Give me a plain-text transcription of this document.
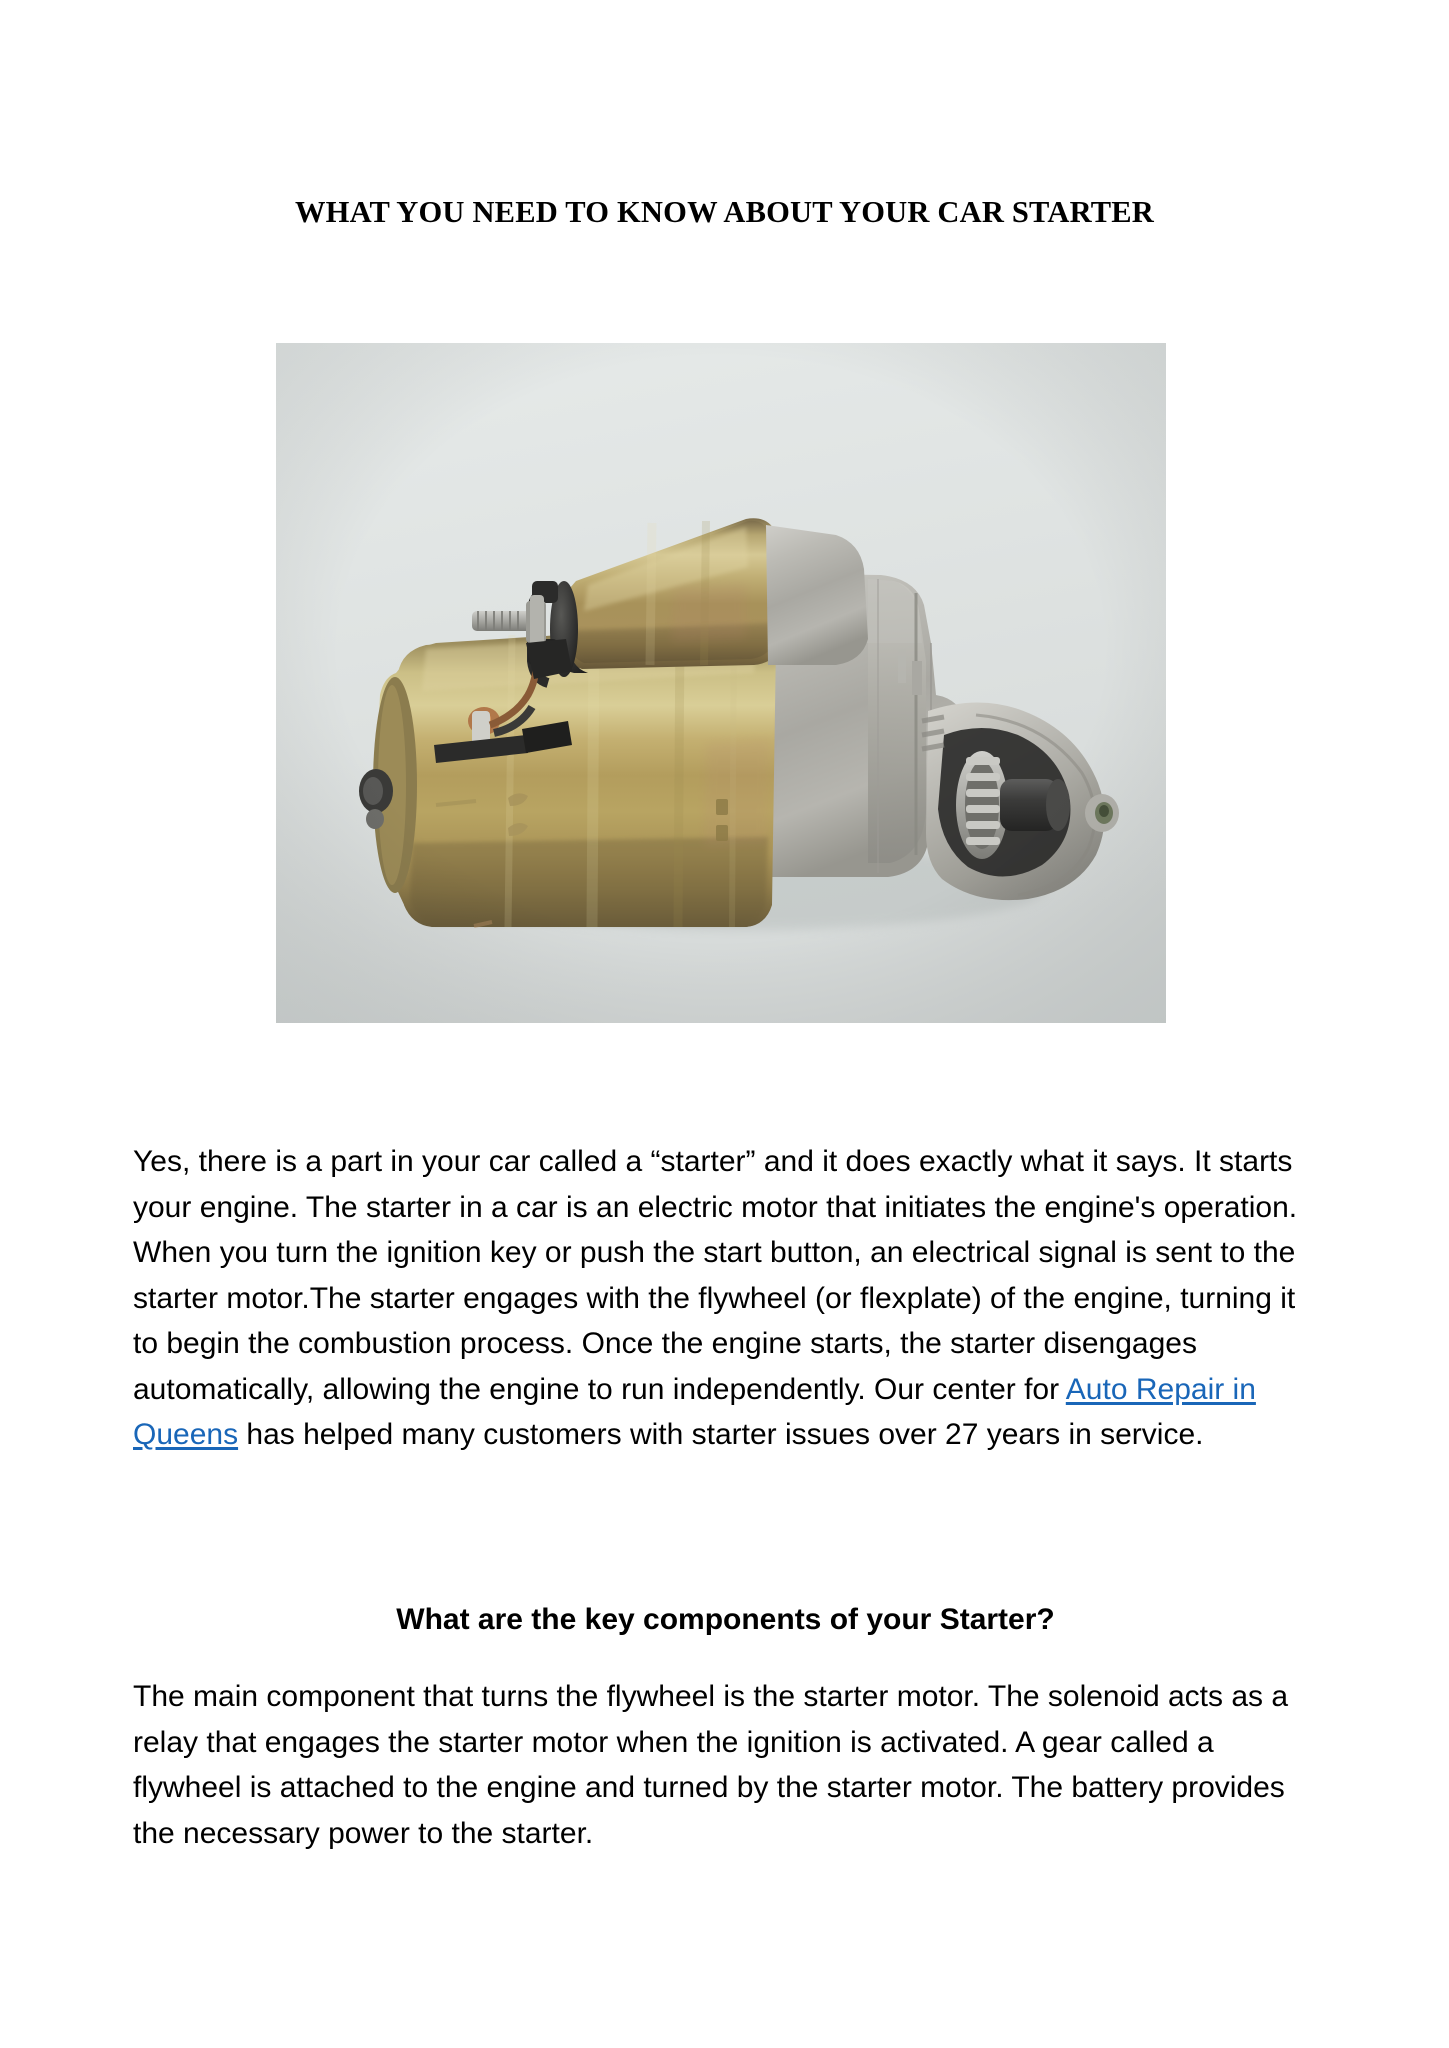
WHAT YOU NEED TO KNOW ABOUT YOUR CAR STARTER

Yes, there is a part in your car called a “starter” and it does exactly what it says. It starts your engine. The starter in a car is an electric motor that initiates the engine's operation. When you turn the ignition key or push the start button, an electrical signal is sent to the starter motor.The starter engages with the flywheel (or flexplate) of the engine, turning it to begin the combustion process. Once the engine starts, the starter disengages automatically, allowing the engine to run independently. Our center for Auto Repair in Queens has helped many customers with starter issues over 27 years in service.

What are the key components of your Starter?

The main component that turns the flywheel is the starter motor. The solenoid acts as a relay that engages the starter motor when the ignition is activated. A gear called a flywheel is attached to the engine and turned by the starter motor. The battery provides the necessary power to the starter.
